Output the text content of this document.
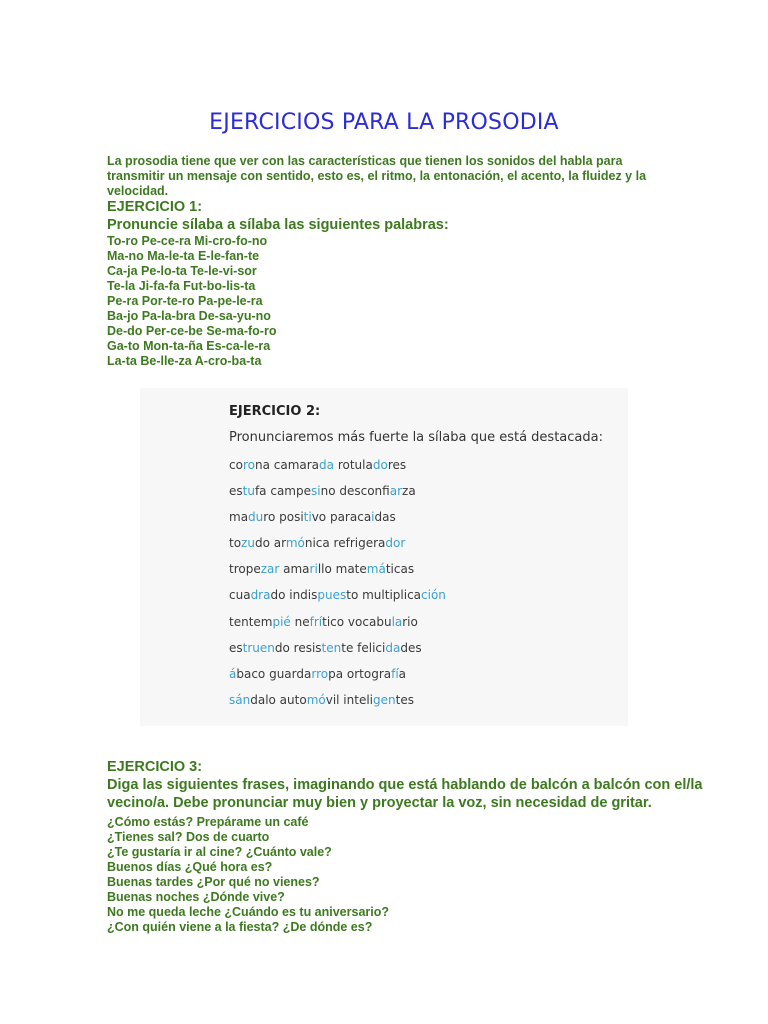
EJERCICIOS PARA LA PROSODIA
La prosodia tiene que ver con las características que tienen los sonidos del habla para transmitir un mensaje con sentido, esto es, el ritmo, la entonación, el acento, la fluidez y la velocidad.
EJERCICIO 1:
Pronuncie sílaba a sílaba las siguientes palabras:
To-ro Pe-ce-ra Mi-cro-fo-no
Ma-no Ma-le-ta E-le-fan-te
Ca-ja Pe-lo-ta Te-le-vi-sor
Te-la Ji-fa-fa Fut-bo-lis-ta
Pe-ra Por-te-ro Pa-pe-le-ra
Ba-jo Pa-la-bra De-sa-yu-no
De-do Per-ce-be Se-ma-fo-ro
Ga-to Mon-ta-ña Es-ca-le-ra
La-ta Be-lle-za A-cro-ba-ta
EJERCICIO 2:
Pronunciaremos más fuerte la sílaba que está destacada:
corona camarada rotuladores
estufa campesino desconfiarza
maduro positivo paracaidas
tozudo armónica refrigerador
tropezar amarillo matemáticas
cuadrado indispuesto multiplicación
tentempié nefrítico vocabulario
estruendo resistente felicidades
ábaco guardarropa ortografía
sándalo automóvil inteligentes
EJERCICIO 3:
Diga las siguientes frases, imaginando que está hablando de balcón a balcón con el/la vecino/a. Debe pronunciar muy bien y proyectar la voz, sin necesidad de gritar.
¿Cómo estás? Prepárame un café
¿Tienes sal? Dos de cuarto
¿Te gustaría ir al cine? ¿Cuánto vale?
Buenos días ¿Qué hora es?
Buenas tardes ¿Por qué no vienes?
Buenas noches ¿Dónde vive?
No me queda leche ¿Cuándo es tu aniversario?
¿Con quién viene a la fiesta? ¿De dónde es?
